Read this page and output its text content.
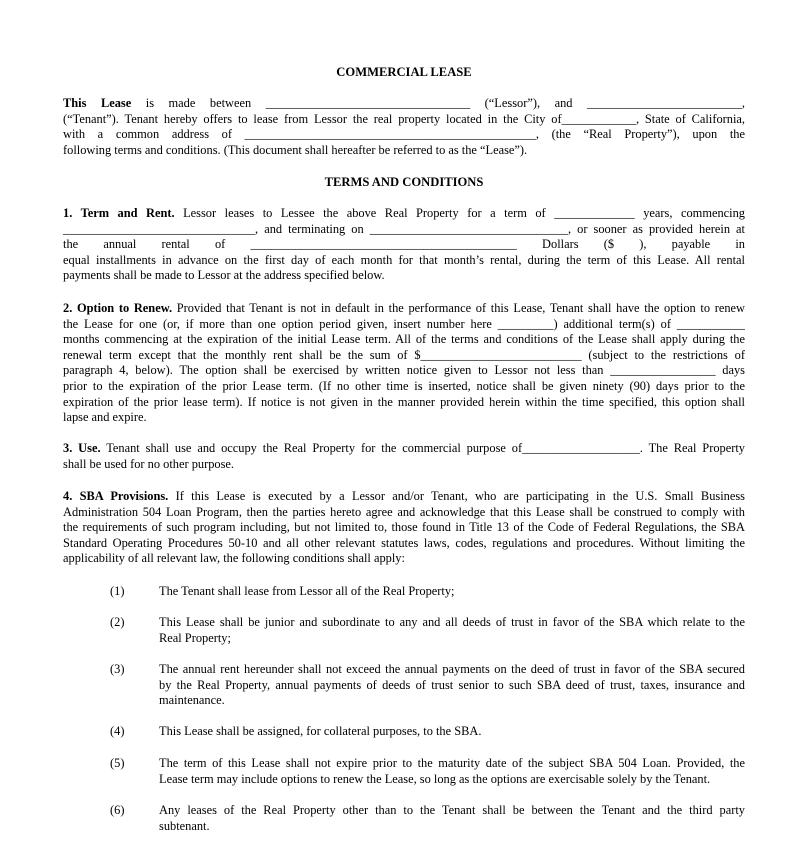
COMMERCIAL LEASE
This Lease is made between _________________________________ (“Lessor”), and _________________________,
(“Tenant”). Tenant hereby offers to lease from Lessor the real property located in the City of____________, State of California,
with a common address of _______________________________________________, (the “Real Property”), upon the
following terms and conditions. (This document shall hereafter be referred to as the “Lease”).
TERMS AND CONDITIONS
1. Term and Rent. Lessor leases to Lessee the above Real Property for a term of _____________ years, commencing
_______________________________, and terminating on ________________________________, or sooner as provided herein at
the annual rental of ___________________________________________ Dollars ($ ), payable in
equal installments in advance on the first day of each month for that month’s rental, during the term of this Lease. All rental
payments shall be made to Lessor at the address specified below.
2. Option to Renew. Provided that Tenant is not in default in the performance of this Lease, Tenant shall have the option to renew
the Lease for one (or, if more than one option period given, insert number here _________) additional term(s) of ___________
months commencing at the expiration of the initial Lease term. All of the terms and conditions of the Lease shall apply during the
renewal term except that the monthly rent shall be the sum of $__________________________ (subject to the restrictions of
paragraph 4, below). The option shall be exercised by written notice given to Lessor not less than _________________ days
prior to the expiration of the prior Lease term. (If no other time is inserted, notice shall be given ninety (90) days prior to the
expiration of the prior lease term). If notice is not given in the manner provided herein within the time specified, this option shall
lapse and expire.
3. Use. Tenant shall use and occupy the Real Property for the commercial purpose of___________________. The Real Property
shall be used for no other purpose.
4. SBA Provisions. If this Lease is executed by a Lessor and/or Tenant, who are participating in the U.S. Small Business
Administration 504 Loan Program, then the parties hereto agree and acknowledge that this Lease shall be construed to comply with
the requirements of such program including, but not limited to, those found in Title 13 of the Code of Federal Regulations, the SBA
Standard Operating Procedures 50-10 and all other relevant statutes laws, codes, regulations and procedures. Without limiting the
applicability of all relevant law, the following conditions shall apply:
(1)	The Tenant shall lease from Lessor all of the Real Property;
(2)	This Lease shall be junior and subordinate to any and all deeds of trust in favor of the SBA which relate to the
Real Property;
(3)	The annual rent hereunder shall not exceed the annual payments on the deed of trust in favor of the SBA secured
by the Real Property, annual payments of deeds of trust senior to such SBA deed of trust, taxes, insurance and
maintenance.
(4)	This Lease shall be assigned, for collateral purposes, to the SBA.
(5)	The term of this Lease shall not expire prior to the maturity date of the subject SBA 504 Loan. Provided, the
Lease term may include options to renew the Lease, so long as the options are exercisable solely by the Tenant.
(6)	Any leases of the Real Property other than to the Tenant shall be between the Tenant and the third party
subtenant.
